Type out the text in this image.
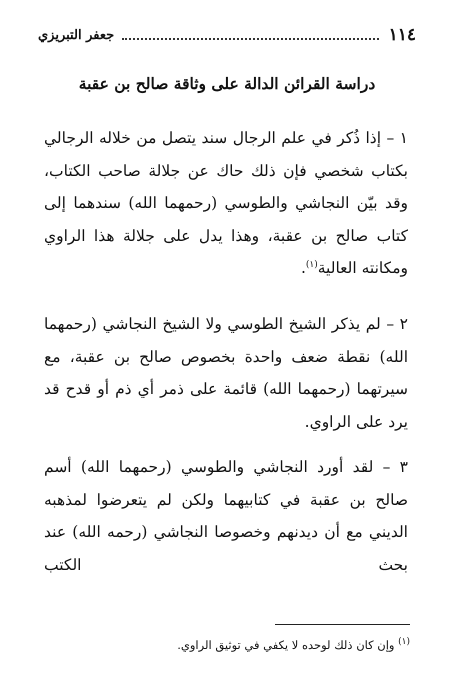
١١٤
جعفر التبريزي
دراسة القرائن الدالة على وثاقة صالح بن عقبة
١ – إذا ذُكر في علم الرجال سند يتصل من خلاله الرجالي بكتاب شخصي فإن ذلك حاك عن جلالة صاحب الكتاب، وقد بيّن النجاشي والطوسي (رحمهما الله) سندهما إلى كتاب صالح بن عقبة، وهذا يدل على جلالة هذا الراوي ومكانته العالية$^{(١)}$.
٢ – لم يذكر الشيخ الطوسي ولا الشيخ النجاشي (رحمهما الله) نقطة ضعف واحدة بخصوص صالح بن عقبة، مع سيرتهما (رحمهما الله) قائمة على ذمر أي ذم أو قدح قد يرد على الراوي.
٣ – لقد أورد النجاشي والطوسي (رحمهما الله) أسم صالح بن عقبة في كتابيهما ولكن لم يتعرضوا لمذهبه الديني مع أن ديدنهم وخصوصا النجاشي (رحمه الله) عند بحث الكتب
$^{(١)}$ وإن كان ذلك لوحده لا يكفي في توثيق الراوي.
